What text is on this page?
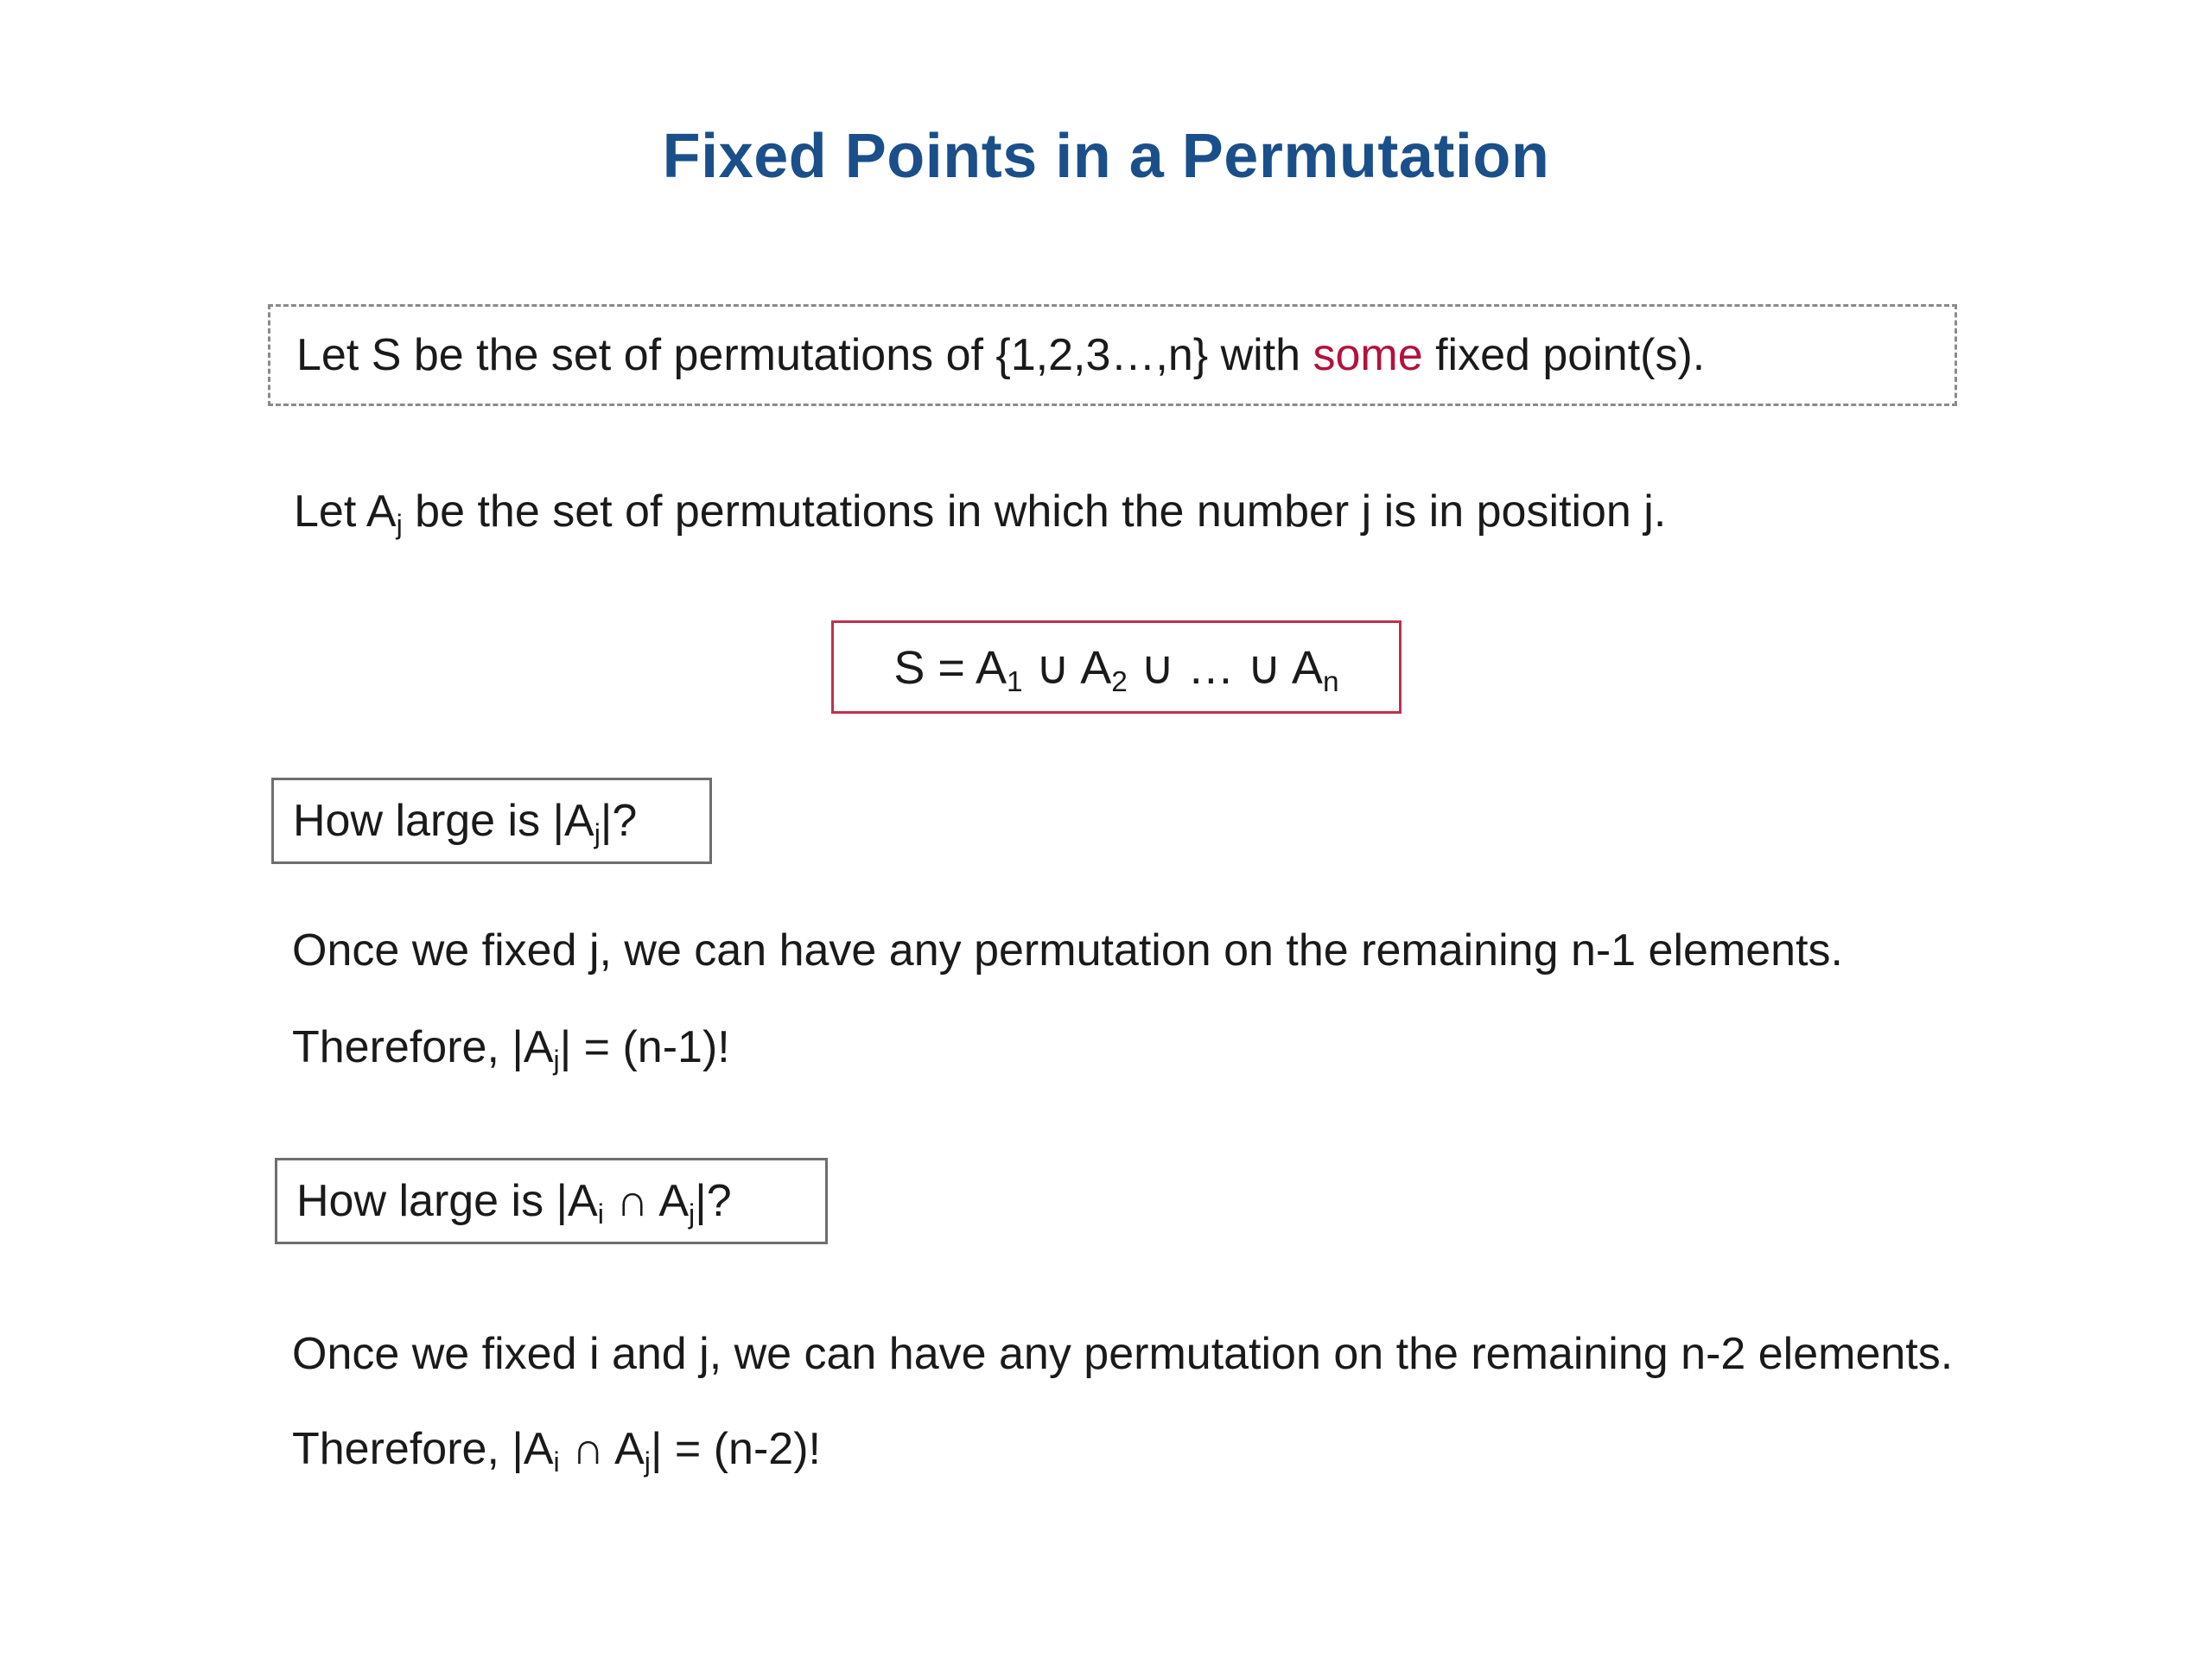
Fixed Points in a Permutation
Let S be the set of permutations of {1,2,3…,n} with some fixed point(s).
Let $A_j$ be the set of permutations in which the number j is in position j.
$S = A_1$ ∪ $A_2$ ∪ … ∪ $A_n$
How large is $|A_j|$?
Once we fixed j, we can have any permutation on the remaining n-1 elements.
Therefore, $|A_j| = (n-1)$!
How large is $|A_i$ ∩ $A_j|$?
Once we fixed i and j, we can have any permutation on the remaining n-2 elements.
Therefore, $|A_i$ ∩ $A_j| = (n-2)$!
